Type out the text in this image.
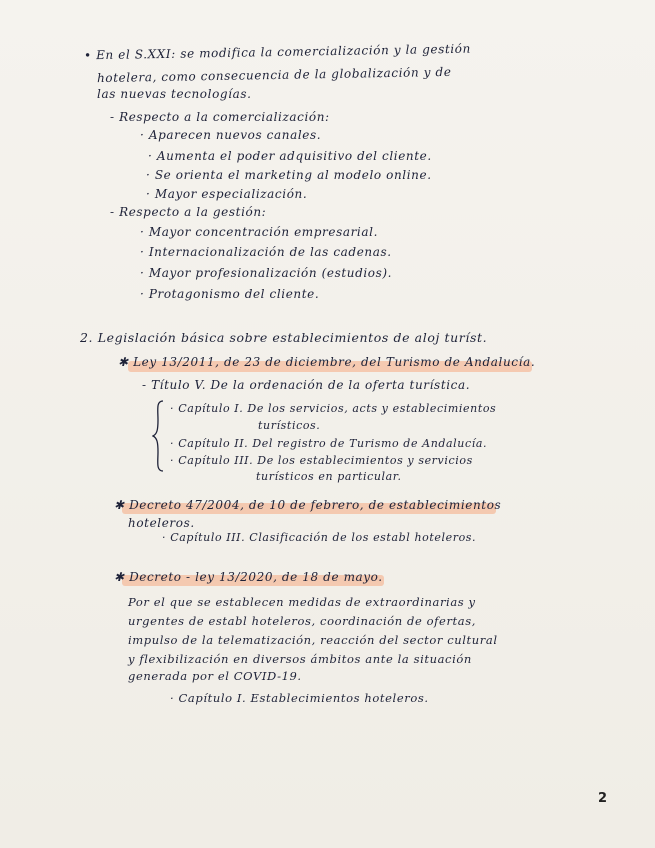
• En el S.XXI: se modifica la comercialización y la gestión
hotelera, como consecuencia de la globalización y de
las nuevas tecnologías.
- Respecto a la comercialización:
· Aparecen nuevos canales.
· Aumenta el poder adquisitivo del cliente.
· Se orienta el marketing al modelo online.
· Mayor especialización.
- Respecto a la gestión:
· Mayor concentración empresarial.
· Internacionalización de las cadenas.
· Mayor profesionalización (estudios).
· Protagonismo del cliente.
2. Legislación básica sobre establecimientos de aloj turíst.
✱ Ley 13/2011, de 23 de diciembre, del Turismo de Andalucía.
- Título V. De la ordenación de la oferta turística.
· Capítulo I. De los servicios, acts y establecimientos
turísticos.
· Capítulo II. Del registro de Turismo de Andalucía.
· Capítulo III. De los establecimientos y servicios
turísticos en particular.
✱ Decreto 47/2004, de 10 de febrero, de establecimientos
hoteleros.
· Capítulo III. Clasificación de los establ hoteleros.
✱ Decreto - ley 13/2020, de 18 de mayo.
Por el que se establecen medidas de extraordinarias y
urgentes de establ hoteleros, coordinación de ofertas,
impulso de la telematización, reacción del sector cultural
y flexibilización en diversos ámbitos ante la situación
generada por el COVID-19.
· Capítulo I. Establecimientos hoteleros.
2
